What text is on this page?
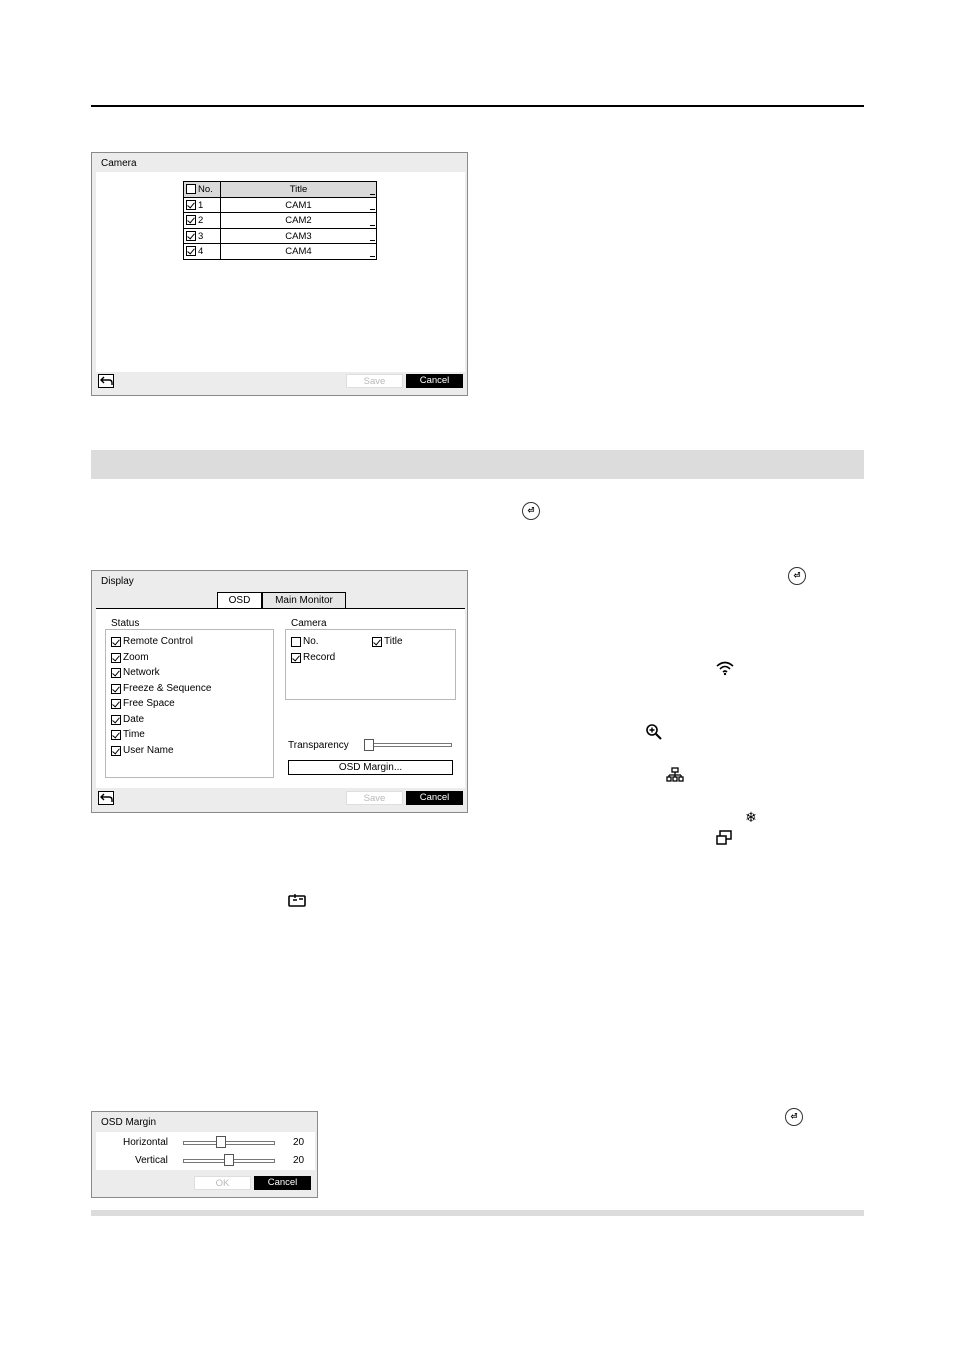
Camera
Save	Cancel
No.	Title
1	CAM1
2	CAM2
3	CAM3
4	CAM4
⏎
Display
OSD	Main Monitor
Status
Remote Control
Zoom
Network
Freeze & Sequence
Free Space
Date
Time
User Name
Camera
No.	Title
Record
Transparency
OSD Margin...
Save	Cancel
⏎
❄
OSD Margin
Horizontal	20
Vertical	20
OK	Cancel
⏎
